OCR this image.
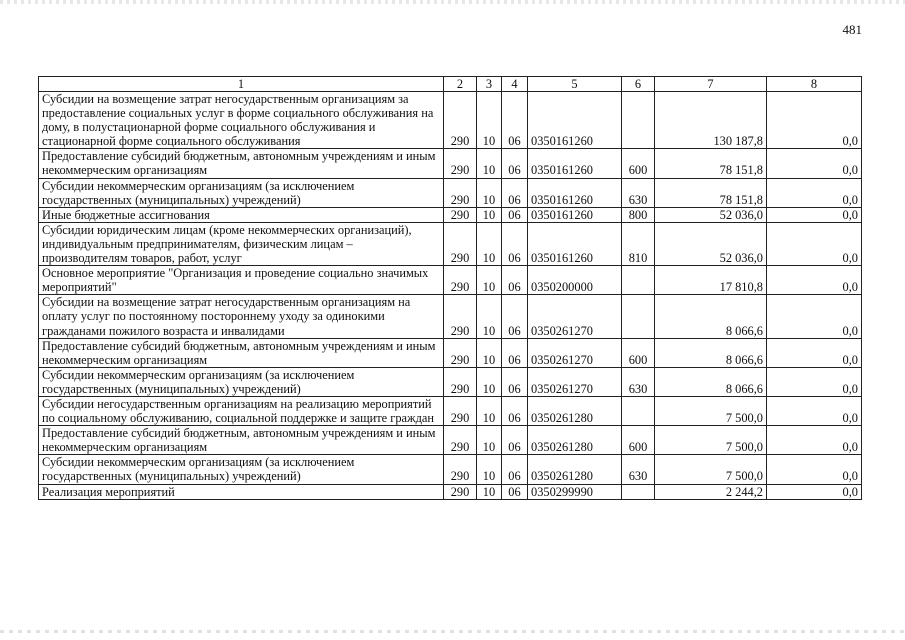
481
1	2	3	4	5	6	7	8
Субсидии на возмещение затрат негосударственным организациям за предоставление социальных услуг в форме социального обслуживания на дому, в полустационарной форме социального обслуживания и стационарной форме социального обслуживания	290	10	06	0350161260		130 187,8	0,0
Предоставление субсидий бюджетным, автономным учреждениям и иным некоммерческим организациям	290	10	06	0350161260	600	78 151,8	0,0
Субсидии некоммерческим организациям (за исключением государственных (муниципальных) учреждений)	290	10	06	0350161260	630	78 151,8	0,0
Иные бюджетные ассигнования	290	10	06	0350161260	800	52 036,0	0,0
Субсидии юридическим лицам (кроме некоммерческих организаций), индивидуальным предпринимателям, физическим лицам – производителям товаров, работ, услуг	290	10	06	0350161260	810	52 036,0	0,0
Основное мероприятие "Организация и проведение социально значимых мероприятий"	290	10	06	0350200000		17 810,8	0,0
Субсидии на возмещение затрат негосударственным организациям на оплату услуг по постоянному постороннему уходу за одинокими гражданами пожилого возраста и инвалидами	290	10	06	0350261270		8 066,6	0,0
Предоставление субсидий бюджетным, автономным учреждениям и иным некоммерческим организациям	290	10	06	0350261270	600	8 066,6	0,0
Субсидии некоммерческим организациям (за исключением государственных (муниципальных) учреждений)	290	10	06	0350261270	630	8 066,6	0,0
Субсидии негосударственным организациям на реализацию мероприятий по социальному обслуживанию, социальной поддержке и защите граждан	290	10	06	0350261280		7 500,0	0,0
Предоставление субсидий бюджетным, автономным учреждениям и иным некоммерческим организациям	290	10	06	0350261280	600	7 500,0	0,0
Субсидии некоммерческим организациям (за исключением государственных (муниципальных) учреждений)	290	10	06	0350261280	630	7 500,0	0,0
Реализация мероприятий	290	10	06	0350299990		2 244,2	0,0
